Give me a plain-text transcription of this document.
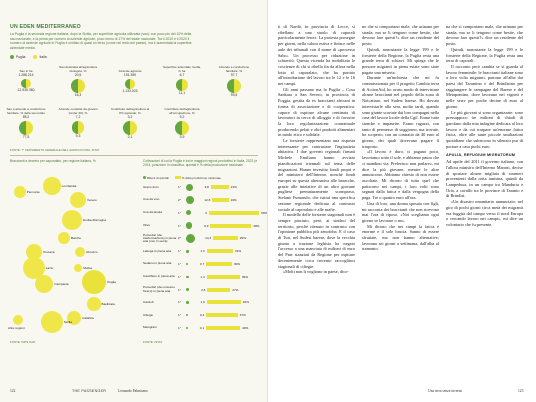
UN EDEN MEDITERRANEO
La Puglia è la seconda regione italiana, dopo la Sicilia, per superficie agricola utilizzata (sau): con poco più del 10% della sau nazionale, e la prima per numero di aziende agricole, poco meno di 17% del totale nazionale. Tra il 2010 e il 2020 il numero di aziende agricole in Puglia è crollato di quasi un terzo (come nel resto del paese), ma è aumentata la superficie aziendale media.
Puglia	Italia
Sau in ha
1.288.214
12.535.360
Sau destinata all'agricoltura biologica, %
20,5
16,3
Aziende agricole
191.390
1.133.023
Superficie aziendale media, in ha
6,7
11,1
Aziende a conduzione familiare, %
97,7
93,5
Sau a aziende a conduzione familiare, % della sau totale
85,2
77,5
Aziende condotte da giovani (under 40), %
7,2
9,3
Contributo dell'agricoltura al Pil regionale, %
3,2
2,1
Contributo dell'agricoltura all'occupazione, %
9,2
3,9
FONTE: 7° CENSIMENTO GENERALE DELL'AGRICOLTURA, ISTAT
Braccianti a decreto per caporalato, per regione italiana, %
Lombardia
Piemonte
Veneto
Emilia-Romagna
Marche
Toscana	Abruzzo
Lazio	Molise
Campania	Puglia
Basilicata
Calabria
Sicilia
Altre regioni
FONTE: INPS OAD
Coltivazioni di cui la Puglia è tra le maggiori regioni produttrici in Italia, 2023 (e 2024, posizione in classifica, quintali e % della produzione nazionale
Milioni di quintali	% della produzione nazionale
Grano duro	1°	9,8	21%
Uva da vino	2°	12,8	19%
Uva da tavola	1°	6	59%
Olive	1°	8,9	48%
Pomodori (da trasformazione) in piena aria (non in serra)
2°	14,3	29%
Lattuga in piena aria	1°	1,3	31%
Sedano in piena aria	1°	0,7	30%
Cavolfiore in piena aria	1°	1,4	39%
Pomodori (da consumo fresco) in piena aria	1°	2,8	27%
Carciofi	1°	1,6	40%
Ciliegie	1°	0,4	37%
Melograni	1°	0,1	40%
FONTE: ISTAT
122	THE PASSENGER	Leonardo Palmisano

ti di Nardò, in provincia di Lecce, si ribellano a uno stuolo di caporali particolarmente feroci. La protesta prosegue per giorni, nella calura estiva e finisce nelle aule dei tribunali con il nome di «processo Sabr». Un processo per riduzione in schiavitù. Questa vicenda ha mobilitato le coscienze di chi si ribella fin da allora nella lotta al caporalato, che ha portato all'introduzione del lavoro tra le 12 e le 16 nei campi.

Gli anni passano ma la Puglia – Cosa Sankara a San Severo, in provincia di Foggia, gestita da ex braccianti africani in forma di associazione e di cooperativa: capace di ospitare alcune centinaia di lavoratori in cerca di alloggio e di favorire la loro regolarizzazione contrattuale producendo pelati e altri prodotti alimentari in modo etico e solidale.

Le forsterie rappresentano una risposta interessante per contrastare l'ingiustizia abitativa. I due governi regionali firmati Michele Emiliano hanno avviato pianificazioni triennali sul tema delle migrazioni. Hanno investito fondi propri e del ministero dell'Interno, nonché fondi europei su questa alternativa alle baracche, grazie alle iniziative di un altro giovane pugliese prematuramente scomparso, Stefano Fumarulo, che istituì una specifica sezione regionale dedicata al contrasto sociale al caporalato e alle mafie.

Il modello delle forsterie stagionali non è sempre piaciuto, però, ai sindaci del territorio, perché ritenuto in contrasto con l'opinione pubblica più xenofoba. E il caso di Turi, nel Sudest barese, dove la vecchia giunta a trazione leghista ha negato l'accesso a una manciata di milioni di euro del Pnrr stanziati da Regione per ospitare decentemente circa trecento raccoglitori stagionali di ciliegie.

«Molti non li vogliono in paese, dico-

no che si comportano male, che urinano per strada, ma se li tengono come bestie, che devono fare questi?» dice un residente del posto.

Quindi, nonostante la legge 199 e le forsterie della Regione, la Puglia resta una grande terra di schiavi. Mi spiega che le persone migranti in piena estate sono state pagate una miseria.

Durante un'inchiesta che mi fu commissionata per il progetto Cambia terra di ActionAid, ho avuto modo di intervistare alcune braccianti nel popolo della zona di Noicattaro, nel Sudest barese. Ho dovuto intervistarle alla sera, molto tardi, quando sono giunte scortate dai loro compagni nella casa del lavoro locale della Cgil. Erano tutte stanche e impaurite. Erano ragazzi, con tanto di permesso di soggiorno, ma trovate, ho scoperto, con un contratto da 40 euro al giorno, dei quali dovevano pagare il trasporto.

«Il lavoro è duro, ci pagano poco, lavoriamo sotto il sole, e abbiamo paura che ci mandino via. Preferisco non parlare», mi dice la più giovane, mentre le altre annuiscono. Abbiamo chiesto di non essere ascoltate. Mi dicono di tutto quel che patiscono nei campi, i loro volti sono segnati dalla fatica e dalla vergogna della paga. Tre o quattro euro all'ora.

Una di loro, una donna sposata con figli, mi racconta dei braccianti che non ricevono mai l'ora di riposo. «Noi scegliamo ogni giorno se lavorare o no».

Mi dicono che nei campi la fatica è enorme e il sole brucia. Sanno di essere sfruttate, ma non hanno alternative; lavorano sei giorni a settimana, dall'alba al tramonto.

na che si comportano male, che urinano per strada, ma se li tengono come bestie, che devono fare questi?» dice un residente del posto.

Quindi, nonostante la legge 199 e le forsterie della Regione, la Puglia resta una terra di caporali.

Il racconto però cambia se si guarda al lavoro femminile: le braccianti italiane sono a loro volta migranti, partono all'alba dai paesi del Tarantino e del Brindisino per raggiungere le campagne del Barese e del Metapontino, dove lavorano nei vigneti e nelle serre per poche decine di euro al giorno.

Le più giovani si sono organizzate: sono pressappoco tre milioni di chiodi di garofano dalla mia indagine dedicata al loro lavoro e da cui traspare un'enorme fatica fisica, oltre alle tante piccole umiliazioni quotidiane che subiscono in silenzio pur di portare a casa pochi euro.

APULIA, REFUGIUM MIGRATORUM

Ad aprile del 2011 il governo italiano, con l'allora ministro dell'Interno Maroni, decise di spostare alcune migliaia di stranieri provenienti dalla rotta tunisina, quindi da Lampedusa, in un campo tra Manduria e Oria, a cavallo tra le province di Taranto e di Brindisi.

«Un disastro umanitario annunciato: nel giro di pochi giorni circa metà dei migranti era fuggita dal campo verso il nord Europa o cercando lavoro nei campi», mi dice un volontario che fu presente.

Una terra senza inverno	123
